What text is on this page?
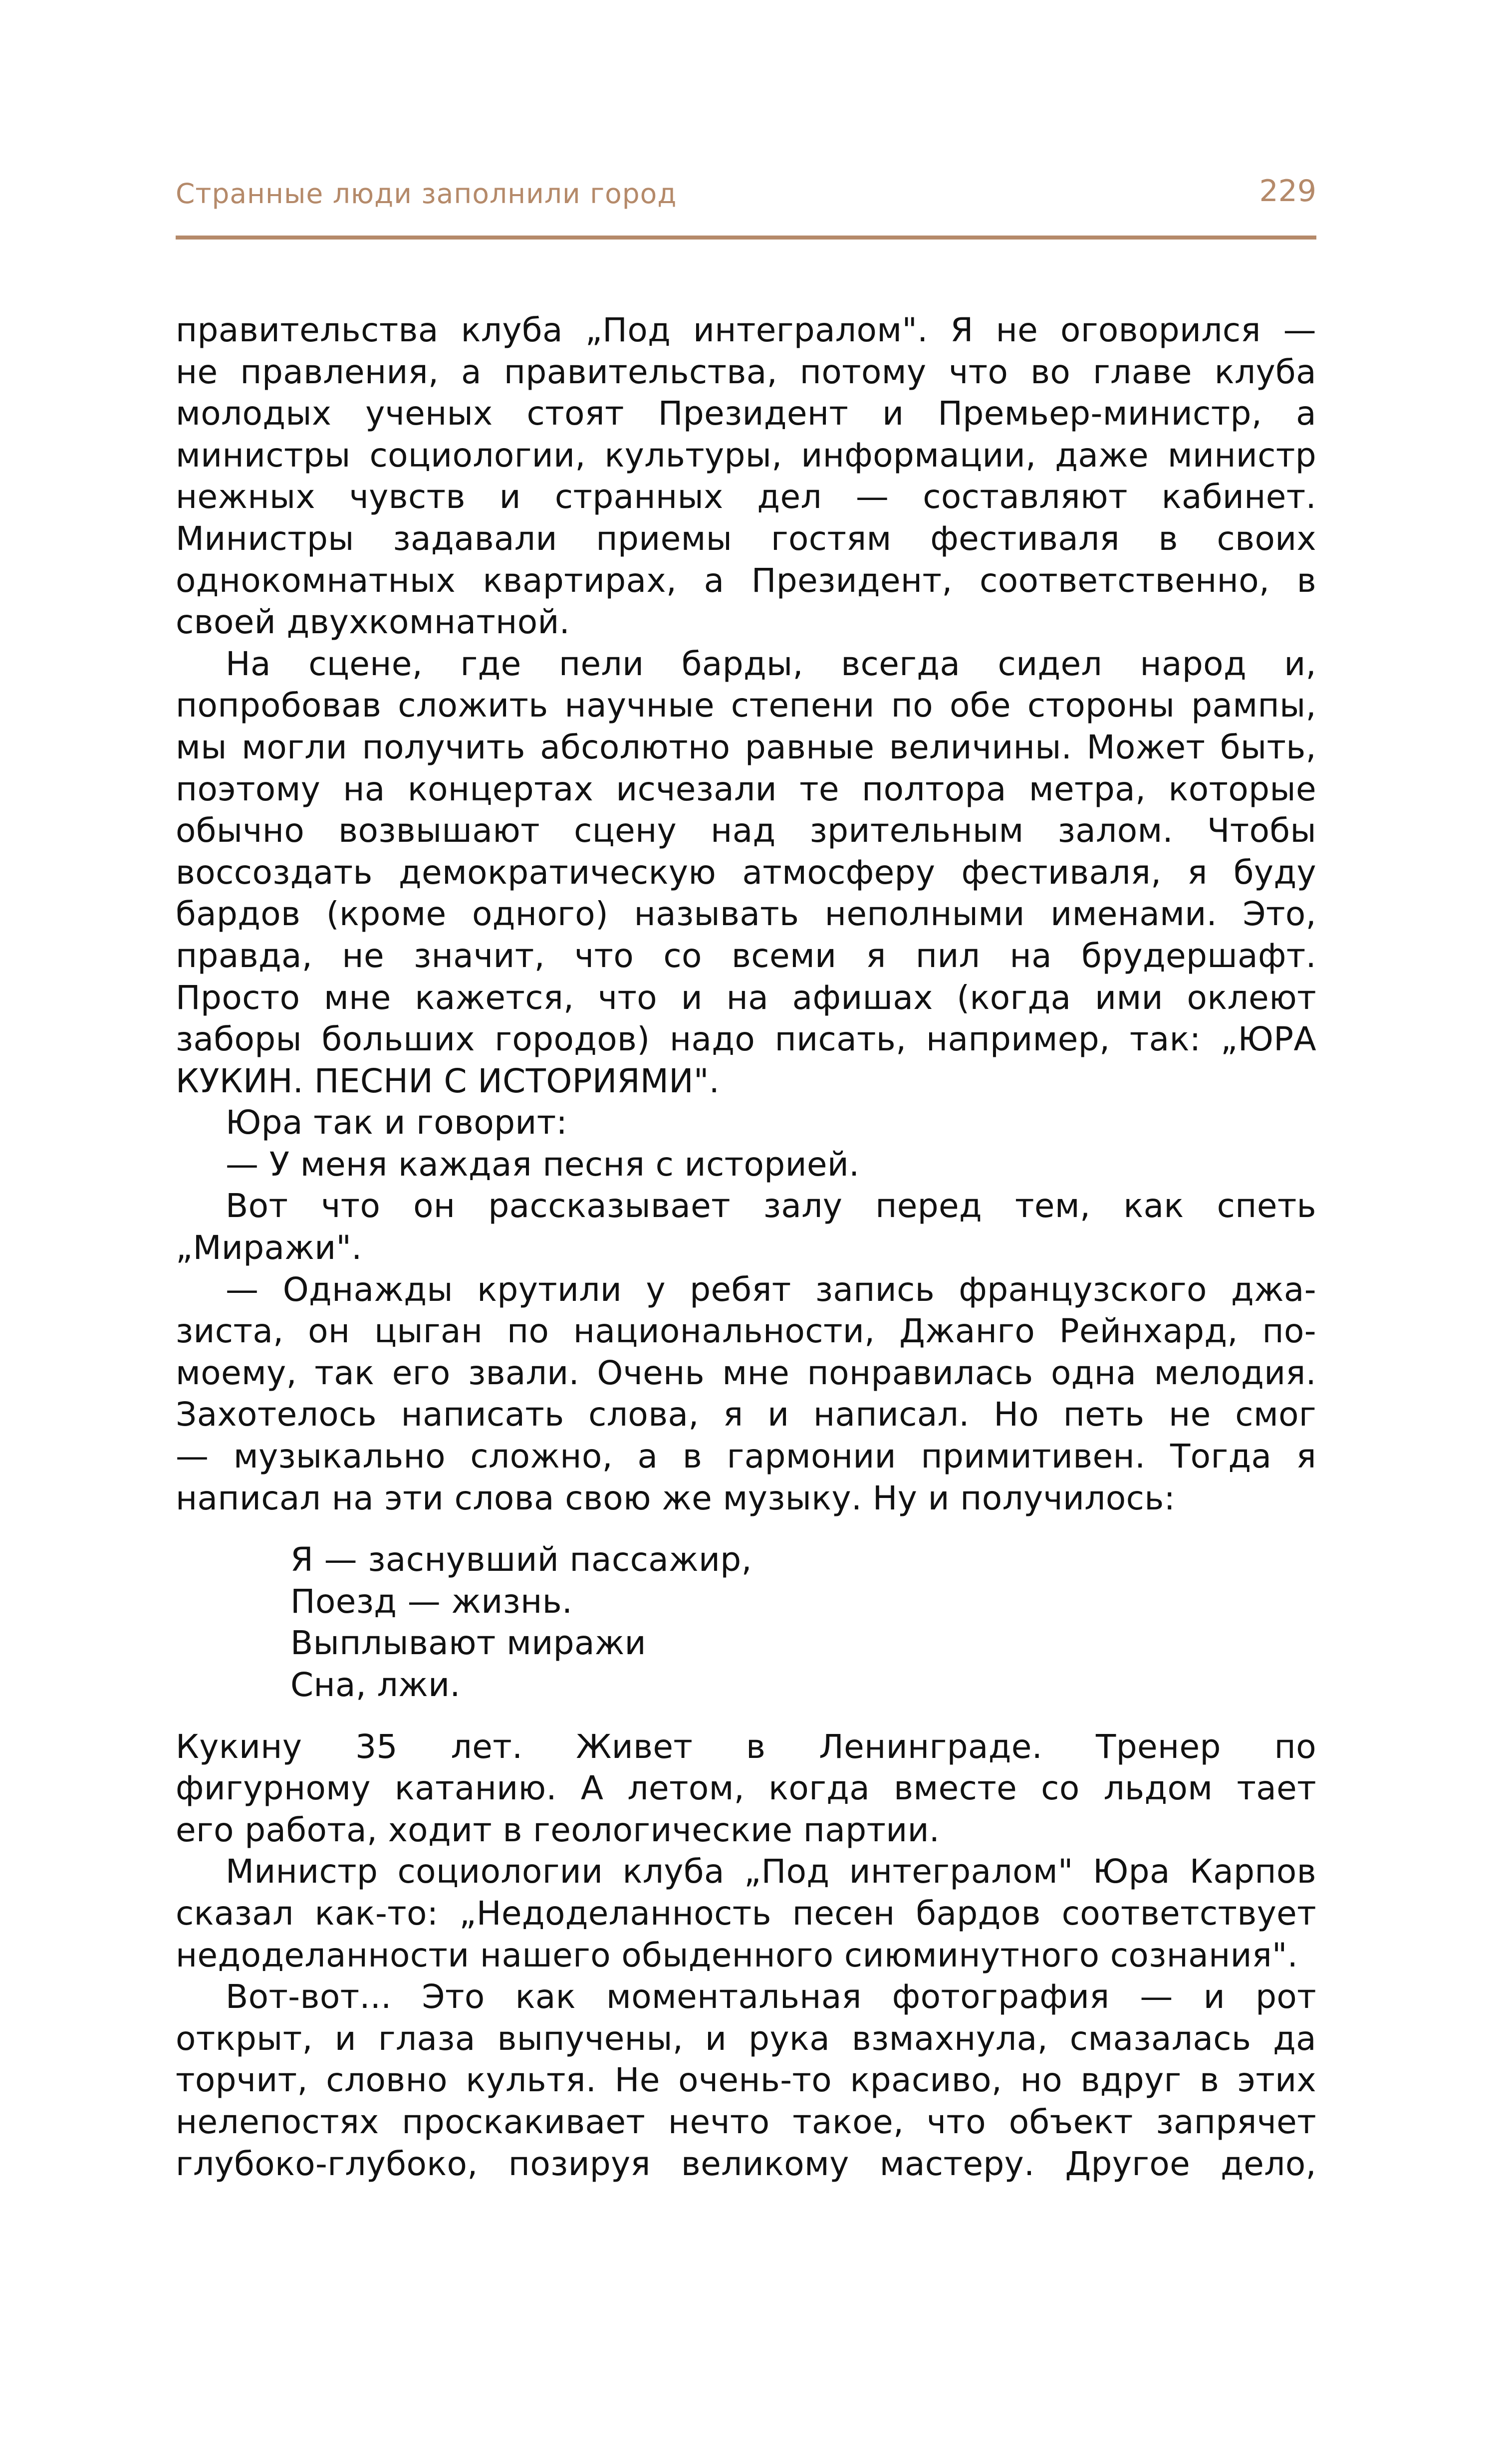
Странные люди заполнили город	229

правительства клуба „Под интегралом". Я не оговорился —

не правления, а правительства, потому что во главе клуба

молодых ученых стоят Президент и Премьер-министр, а

министры социологии, культуры, информации, даже министр

нежных чувств и странных дел — составляют кабинет.

Министры задавали приемы гостям фестиваля в своих

однокомнатных квартирах, а Президент, соответственно, в

своей двухкомнатной.

На сцене, где пели барды, всегда сидел народ и,

попробовав сложить научные степени по обе стороны рампы,

мы могли получить абсолютно равные величины. Может быть,

поэтому на концертах исчезали те полтора метра, которые

обычно возвышают сцену над зрительным залом. Чтобы

воссоздать демократическую атмосферу фестиваля, я буду

бардов (кроме одного) называть неполными именами. Это,

правда, не значит, что со всеми я пил на брудершафт.

Просто мне кажется, что и на афишах (когда ими оклеют

заборы больших городов) надо писать, например, так: „ЮРА

КУКИН. ПЕСНИ С ИСТОРИЯМИ".

Юра так и говорит:

— У меня каждая песня с историей.

Вот что он рассказывает залу перед тем, как спеть

„Миражи".

— Однажды крутили у ребят запись французского джа-

зиста, он цыган по национальности, Джанго Рейнхард, по-

моему, так его звали. Очень мне понравилась одна мелодия.

Захотелось написать слова, я и написал. Но петь не смог

— музыкально сложно, а в гармонии примитивен. Тогда я

написал на эти слова свою же музыку. Ну и получилось:

Я — заснувший пассажир,

Поезд — жизнь.

Выплывают миражи

Сна, лжи.

Кукину 35 лет. Живет в Ленинграде. Тренер по

фигурному катанию. А летом, когда вместе со льдом тает

его работа, ходит в геологические партии.

Министр социологии клуба „Под интегралом" Юра Карпов

сказал как-то: „Недоделанность песен бардов соответствует

недоделанности нашего обыденного сиюминутного сознания".

Вот-вот... Это как моментальная фотография — и рот

открыт, и глаза выпучены, и рука взмахнула, смазалась да

торчит, словно культя. Не очень-то красиво, но вдруг в этих

нелепостях проскакивает нечто такое, что объект запрячет

глубоко-глубоко, позируя великому мастеру. Другое дело,
